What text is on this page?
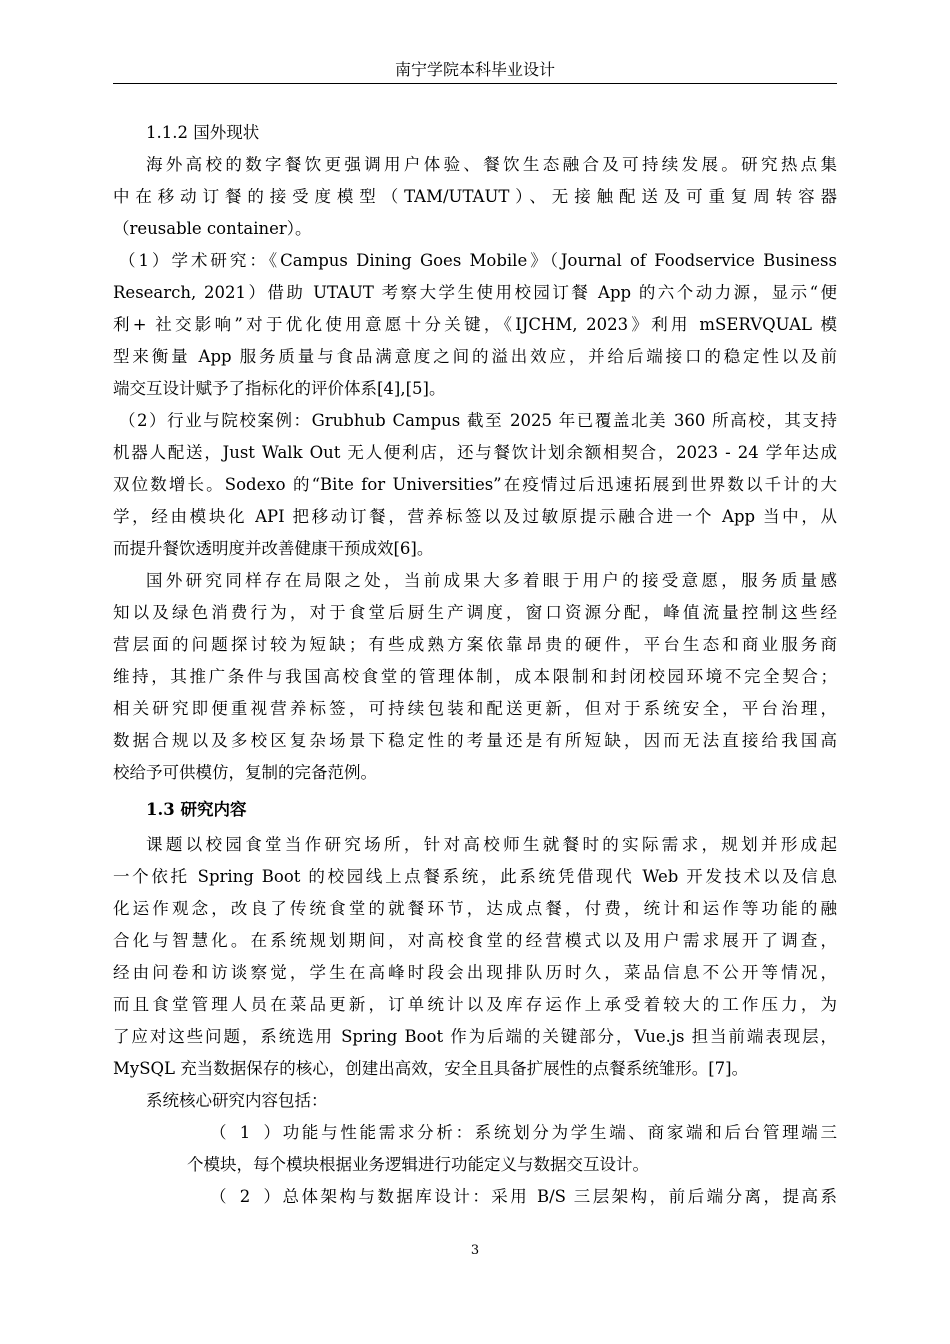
南宁学院本科毕业设计
1.1.2 国外现状
海外高校的数字餐饮更强调用户体验、餐饮生态融合及可持续发展。研究热点集
中在移动订餐的接受度模型（TAM/UTAUT）、无接触配送及可重复周转容器
（reusable container）。
（1）学术研究：《Campus Dining Goes Mobile》（Journal of Foodservice Business
Research, 2021）借助 UTAUT 考察大学生使用校园订餐 App 的六个动力源，显示“便
利+ 社交影响”对于优化使用意愿十分关键，《IJCHM, 2023》利用 mSERVQUAL 模
型来衡量 App 服务质量与食品满意度之间的溢出效应，并给后端接口的稳定性以及前
端交互设计赋予了指标化的评价体系[4],[5]。
（2）行业与院校案例：Grubhub Campus 截至 2025 年已覆盖北美 360 所高校，其支持
机器人配送，Just Walk Out 无人便利店，还与餐饮计划余额相契合，2023 - 24 学年达成
双位数增长。Sodexo 的“Bite for Universities”在疫情过后迅速拓展到世界数以千计的大
学，经由模块化 API 把移动订餐，营养标签以及过敏原提示融合进一个 App 当中，从
而提升餐饮透明度并改善健康干预成效[6]。
国外研究同样存在局限之处，当前成果大多着眼于用户的接受意愿，服务质量感
知以及绿色消费行为，对于食堂后厨生产调度，窗口资源分配，峰值流量控制这些经
营层面的问题探讨较为短缺；有些成熟方案依靠昂贵的硬件，平台生态和商业服务商
维持，其推广条件与我国高校食堂的管理体制，成本限制和封闭校园环境不完全契合；
相关研究即便重视营养标签，可持续包装和配送更新，但对于系统安全，平台治理，
数据合规以及多校区复杂场景下稳定性的考量还是有所短缺，因而无法直接给我国高
校给予可供模仿，复制的完备范例。
1.3 研究内容
课题以校园食堂当作研究场所，针对高校师生就餐时的实际需求，规划并形成起
一个依托 Spring Boot 的校园线上点餐系统，此系统凭借现代 Web 开发技术以及信息
化运作观念，改良了传统食堂的就餐环节，达成点餐，付费，统计和运作等功能的融
合化与智慧化。在系统规划期间，对高校食堂的经营模式以及用户需求展开了调查，
经由问卷和访谈察觉，学生在高峰时段会出现排队历时久，菜品信息不公开等情况，
而且食堂管理人员在菜品更新，订单统计以及库存运作上承受着较大的工作压力，为
了应对这些问题，系统选用 Spring Boot 作为后端的关键部分，Vue.js 担当前端表现层，
MySQL 充当数据保存的核心，创建出高效，安全且具备扩展性的点餐系统雏形。[7]。
系统核心研究内容包括：
（1）功能与性能需求分析：系统划分为学生端、商家端和后台管理端三
个模块，每个模块根据业务逻辑进行功能定义与数据交互设计。
（2）总体架构与数据库设计：采用 B/S 三层架构，前后端分离，提高系
3
